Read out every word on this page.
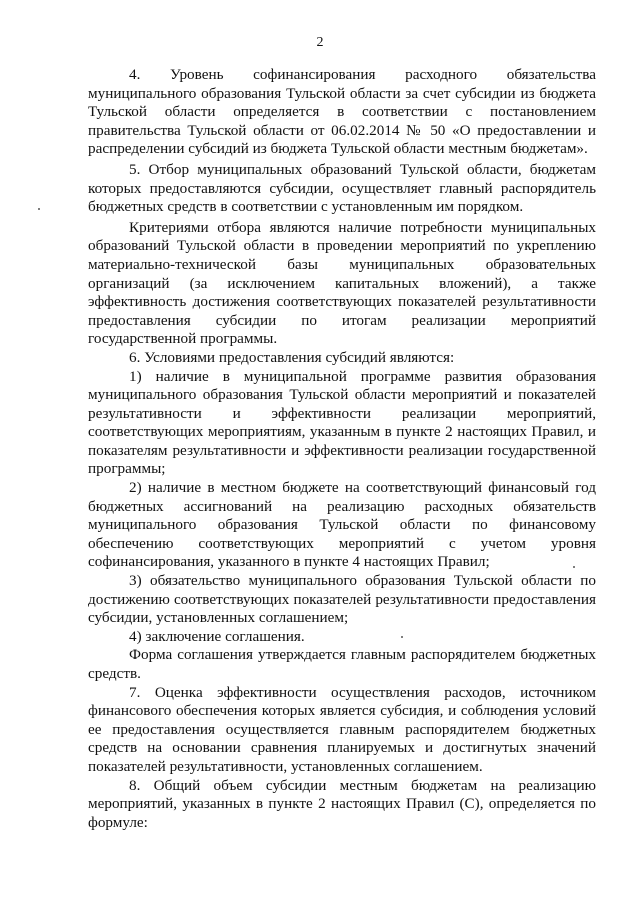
2

4. Уровень софинансирования расходного обязательства муниципального образования Тульской области за счет субсидии из бюджета Тульской области определяется в соответствии с постановлением правительства Тульской области от 06.02.2014 № 50 «О предоставлении и распределении субсидий из бюджета Тульской области местным бюджетам».

5. Отбор муниципальных образований Тульской области, бюджетам которых предоставляются субсидии, осуществляет главный распорядитель бюджетных средств в соответствии с установленным им порядком.

Критериями отбора являются наличие потребности муниципальных образований Тульской области в проведении мероприятий по укреплению материально-технической базы муниципальных образовательных организаций (за исключением капитальных вложений), а также эффективность достижения соответствующих показателей результативности предоставления субсидии по итогам реализации мероприятий государственной программы.

6. Условиями предоставления субсидий являются:

1) наличие в муниципальной программе развития образования муниципального образования Тульской области мероприятий и показателей результативности и эффективности реализации мероприятий, соответствующих мероприятиям, указанным в пункте 2 настоящих Правил, и показателям результативности и эффективности реализации государственной программы;

2) наличие в местном бюджете на соответствующий финансовый год бюджетных ассигнований на реализацию расходных обязательств муниципального образования Тульской области по финансовому обеспечению соответствующих мероприятий с учетом уровня софинансирования, указанного в пункте 4 настоящих Правил;

3) обязательство муниципального образования Тульской области по достижению соответствующих показателей результативности предоставления субсидии, установленных соглашением;

4) заключение соглашения.

Форма соглашения утверждается главным распорядителем бюджетных средств.

7. Оценка эффективности осуществления расходов, источником финансового обеспечения которых является субсидия, и соблюдения условий ее предоставления осуществляется главным распорядителем бюджетных средств на основании сравнения планируемых и достигнутых значений показателей результативности, установленных соглашением.

8. Общий объем субсидии местным бюджетам на реализацию мероприятий, указанных в пункте 2 настоящих Правил (С), определяется по формуле:
